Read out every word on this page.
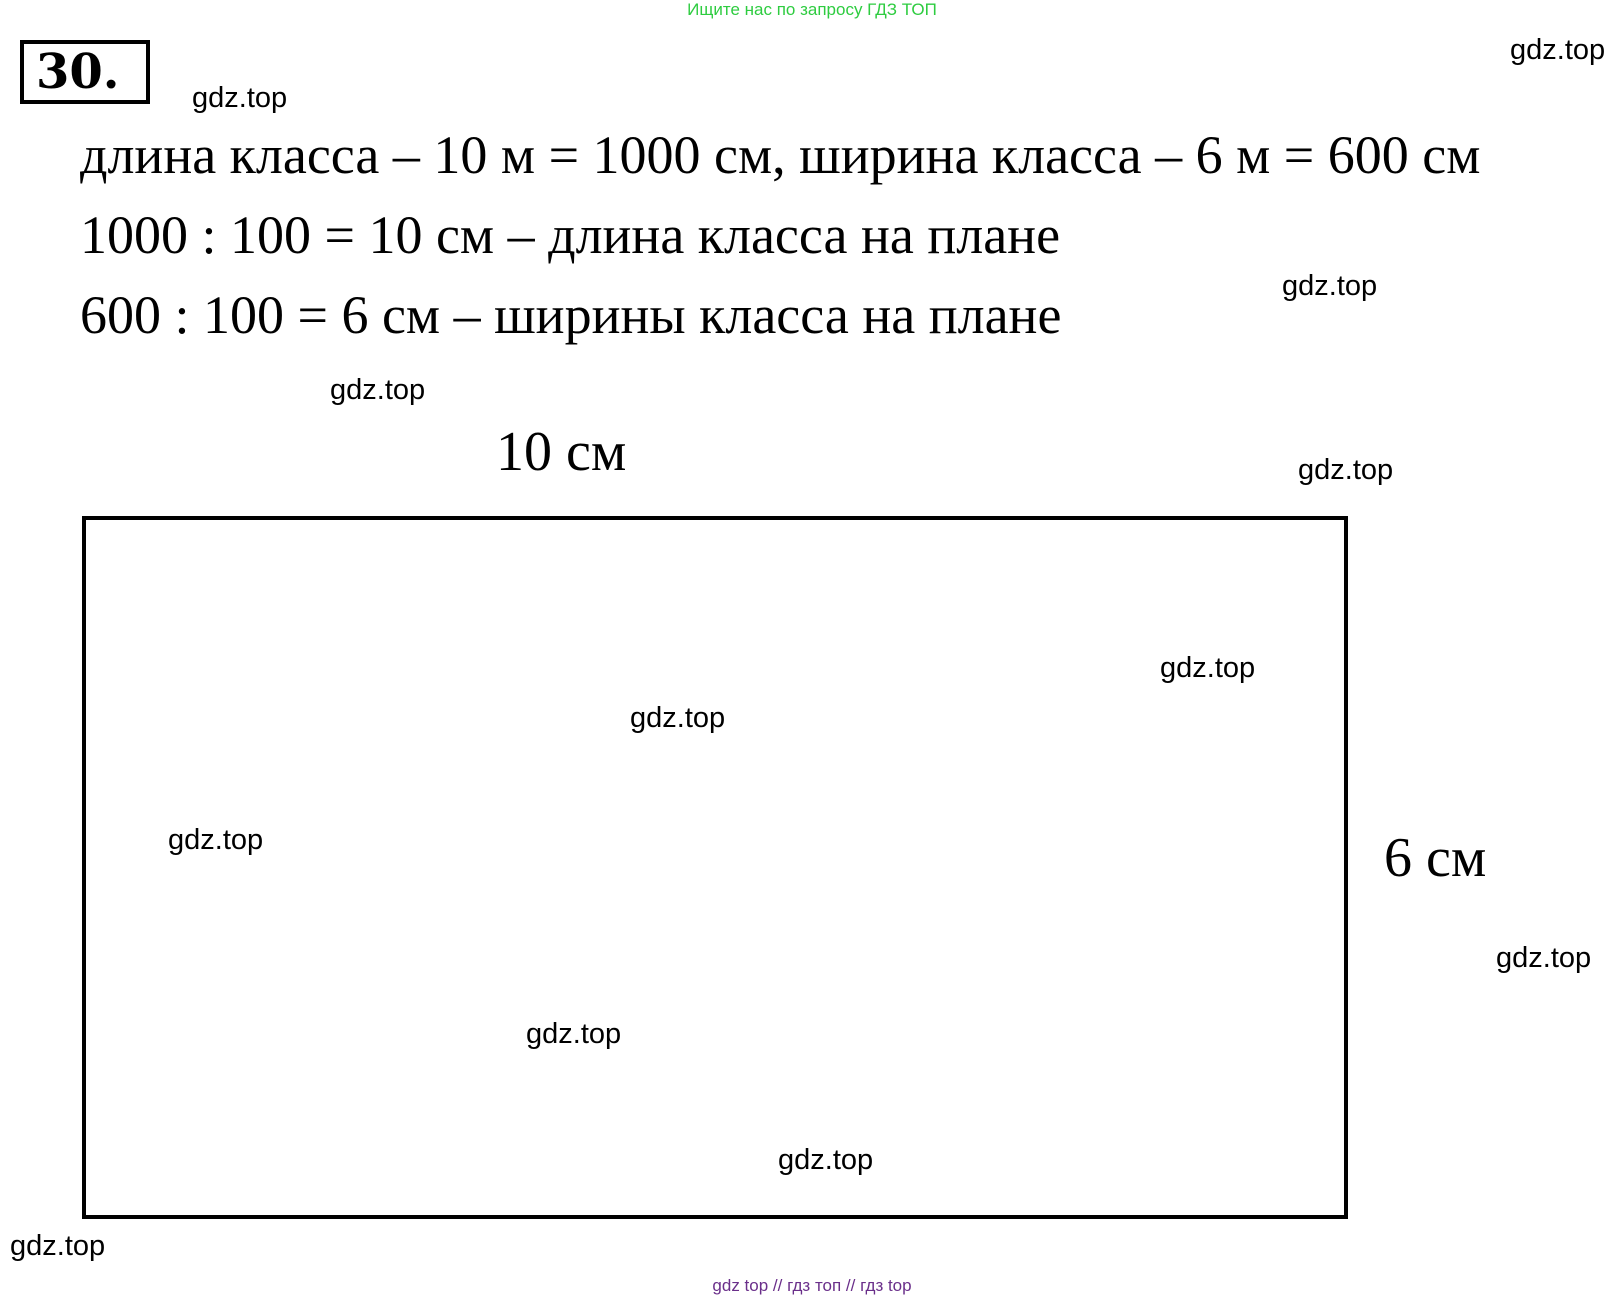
Ищите нас по запросу ГДЗ ТОП
30.
длина класса – 10 м = 1000 см, ширина класса – 6 м = 600 см
1000 : 100 = 10 см – длина класса на плане
600 : 100 = 6 см – ширины класса на плане
10 см
6 см
gdz.top
gdz.top
gdz.top
gdz.top
gdz.top
gdz.top
gdz.top
gdz.top
gdz.top
gdz.top
gdz.top
gdz.top
gdz top // гдз топ // гдз top
